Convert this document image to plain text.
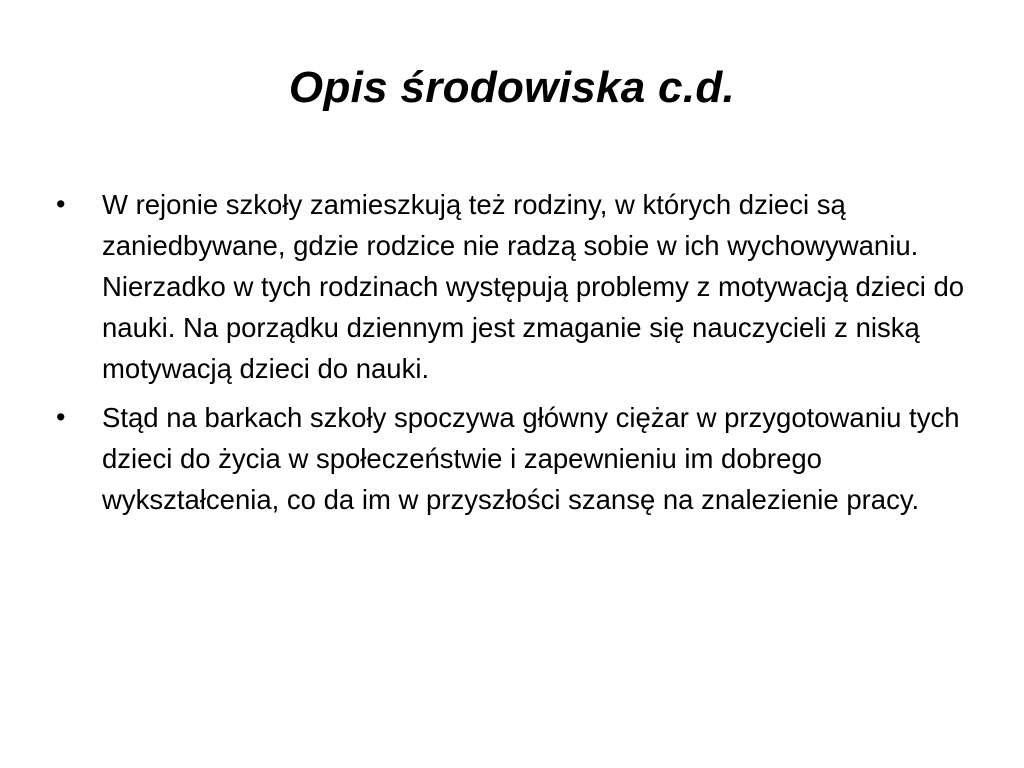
Opis środowiska c.d.
•	W rejonie szkoły zamieszkują też rodziny, w których dzieci są zaniedbywane, gdzie rodzice nie radzą sobie w ich wychowywaniu. Nierzadko w tych rodzinach występują problemy z motywacją dzieci do nauki. Na porządku dziennym jest zmaganie się nauczycieli z niską motywacją dzieci do nauki.
•	Stąd na barkach szkoły spoczywa główny ciężar w przygotowaniu tych dzieci do życia w społeczeństwie i zapewnieniu im dobrego wykształcenia, co da im w przyszłości szansę na znalezienie pracy.
